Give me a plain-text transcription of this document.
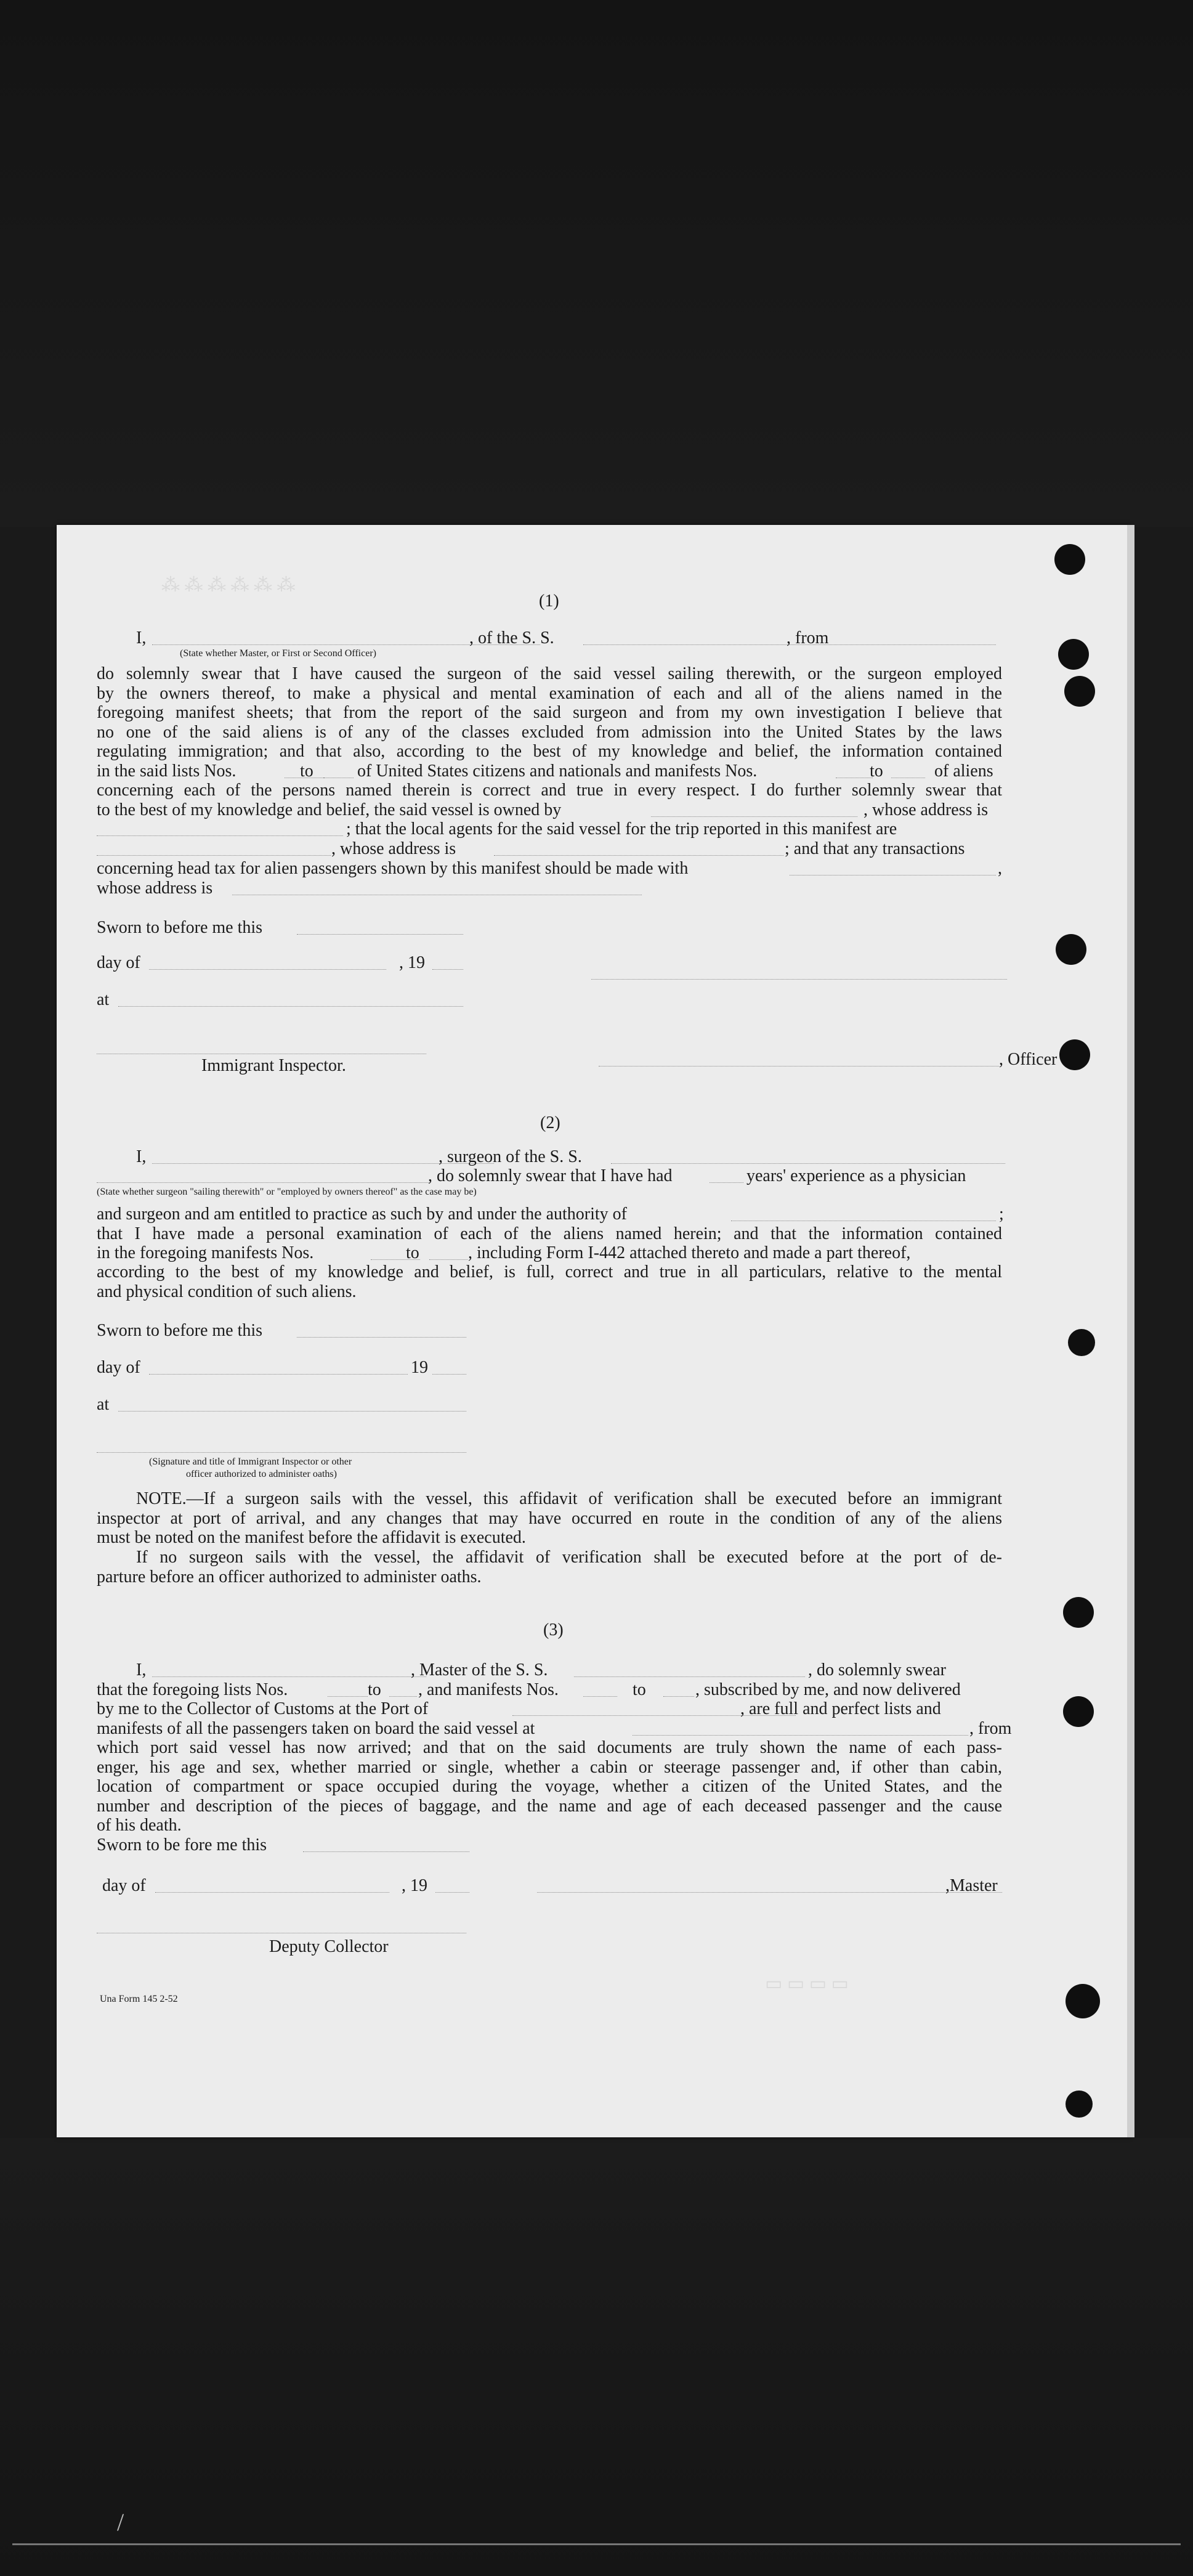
/
⁂ ⁂ ⁂ ⁂ ⁂ ⁂
(1)
I,	, of the S. S.	, from
(State whether Master, or First or Second Officer)
do solemnly swear that I have caused the surgeon of the said vessel sailing therewith, or the surgeon employed
by the owners thereof, to make a physical and mental examination of each and all of the aliens named in the
foregoing manifest sheets; that from the report of the said surgeon and from my own investigation I believe that
no one of the said aliens is of any of the classes excluded from admission into the United States by the laws
regulating immigration; and that also, according to the best of my knowledge and belief, the information contained
in the said lists Nos.	to	of United States citizens and nationals and manifests Nos.	to	of aliens
concerning each of the persons named therein is correct and true in every respect. I do further solemnly swear that
to the best of my knowledge and belief, the said vessel is owned by	, whose address is
; that the local agents for the said vessel for the trip reported in this manifest are
, whose address is	; and that any transactions
concerning head tax for alien passengers shown by this manifest should be made with	,
whose address is
Sworn to before me this
day of	, 19
at
Immigrant Inspector.	, Officer
(2)
I,	, surgeon of the S. S.
, do solemnly swear that I have had	years' experience as a physician
(State whether surgeon "sailing therewith" or "employed by owners thereof" as the case may be)
and surgeon and am entitled to practice as such by and under the authority of	;
that I have made a personal examination of each of the aliens named herein; and that the information contained
in the foregoing manifests Nos.	to	, including Form I-442 attached thereto and made a part thereof,
according to the best of my knowledge and belief, is full, correct and true in all particulars, relative to the mental
and physical condition of such aliens.
Sworn to before me this
day of	19
at
(Signature and title of Immigrant Inspector or other
officer authorized to administer oaths)
NOTE.—If a surgeon sails with the vessel, this affidavit of verification shall be executed before an immigrant
inspector at port of arrival, and any changes that may have occurred en route in the condition of any of the aliens
must be noted on the manifest before the affidavit is executed.
If no surgeon sails with the vessel, the affidavit of verification shall be executed before at the port of de-
parture before an officer authorized to administer oaths.
(3)
I,	, Master of the S. S.	, do solemnly swear
that the foregoing lists Nos.	to , and manifests Nos.	to	, subscribed by me, and now delivered
by me to the Collector of Customs at the Port of	, are full and perfect lists and
manifests of all the passengers taken on board the said vessel at	, from
which port said vessel has now arrived; and that on the said documents are truly shown the name of each pass-
enger, his age and sex, whether married or single, whether a cabin or steerage passenger and, if other than cabin,
location of compartment or space occupied during the voyage, whether a citizen of the United States, and the
number and description of the pieces of baggage, and the name and age of each deceased passenger and the cause
of his death.
Sworn to be fore me this
day of	, 19	,Master
Deputy Collector
Una Form 145 2-52
▭ ▭ ▭ ▭
